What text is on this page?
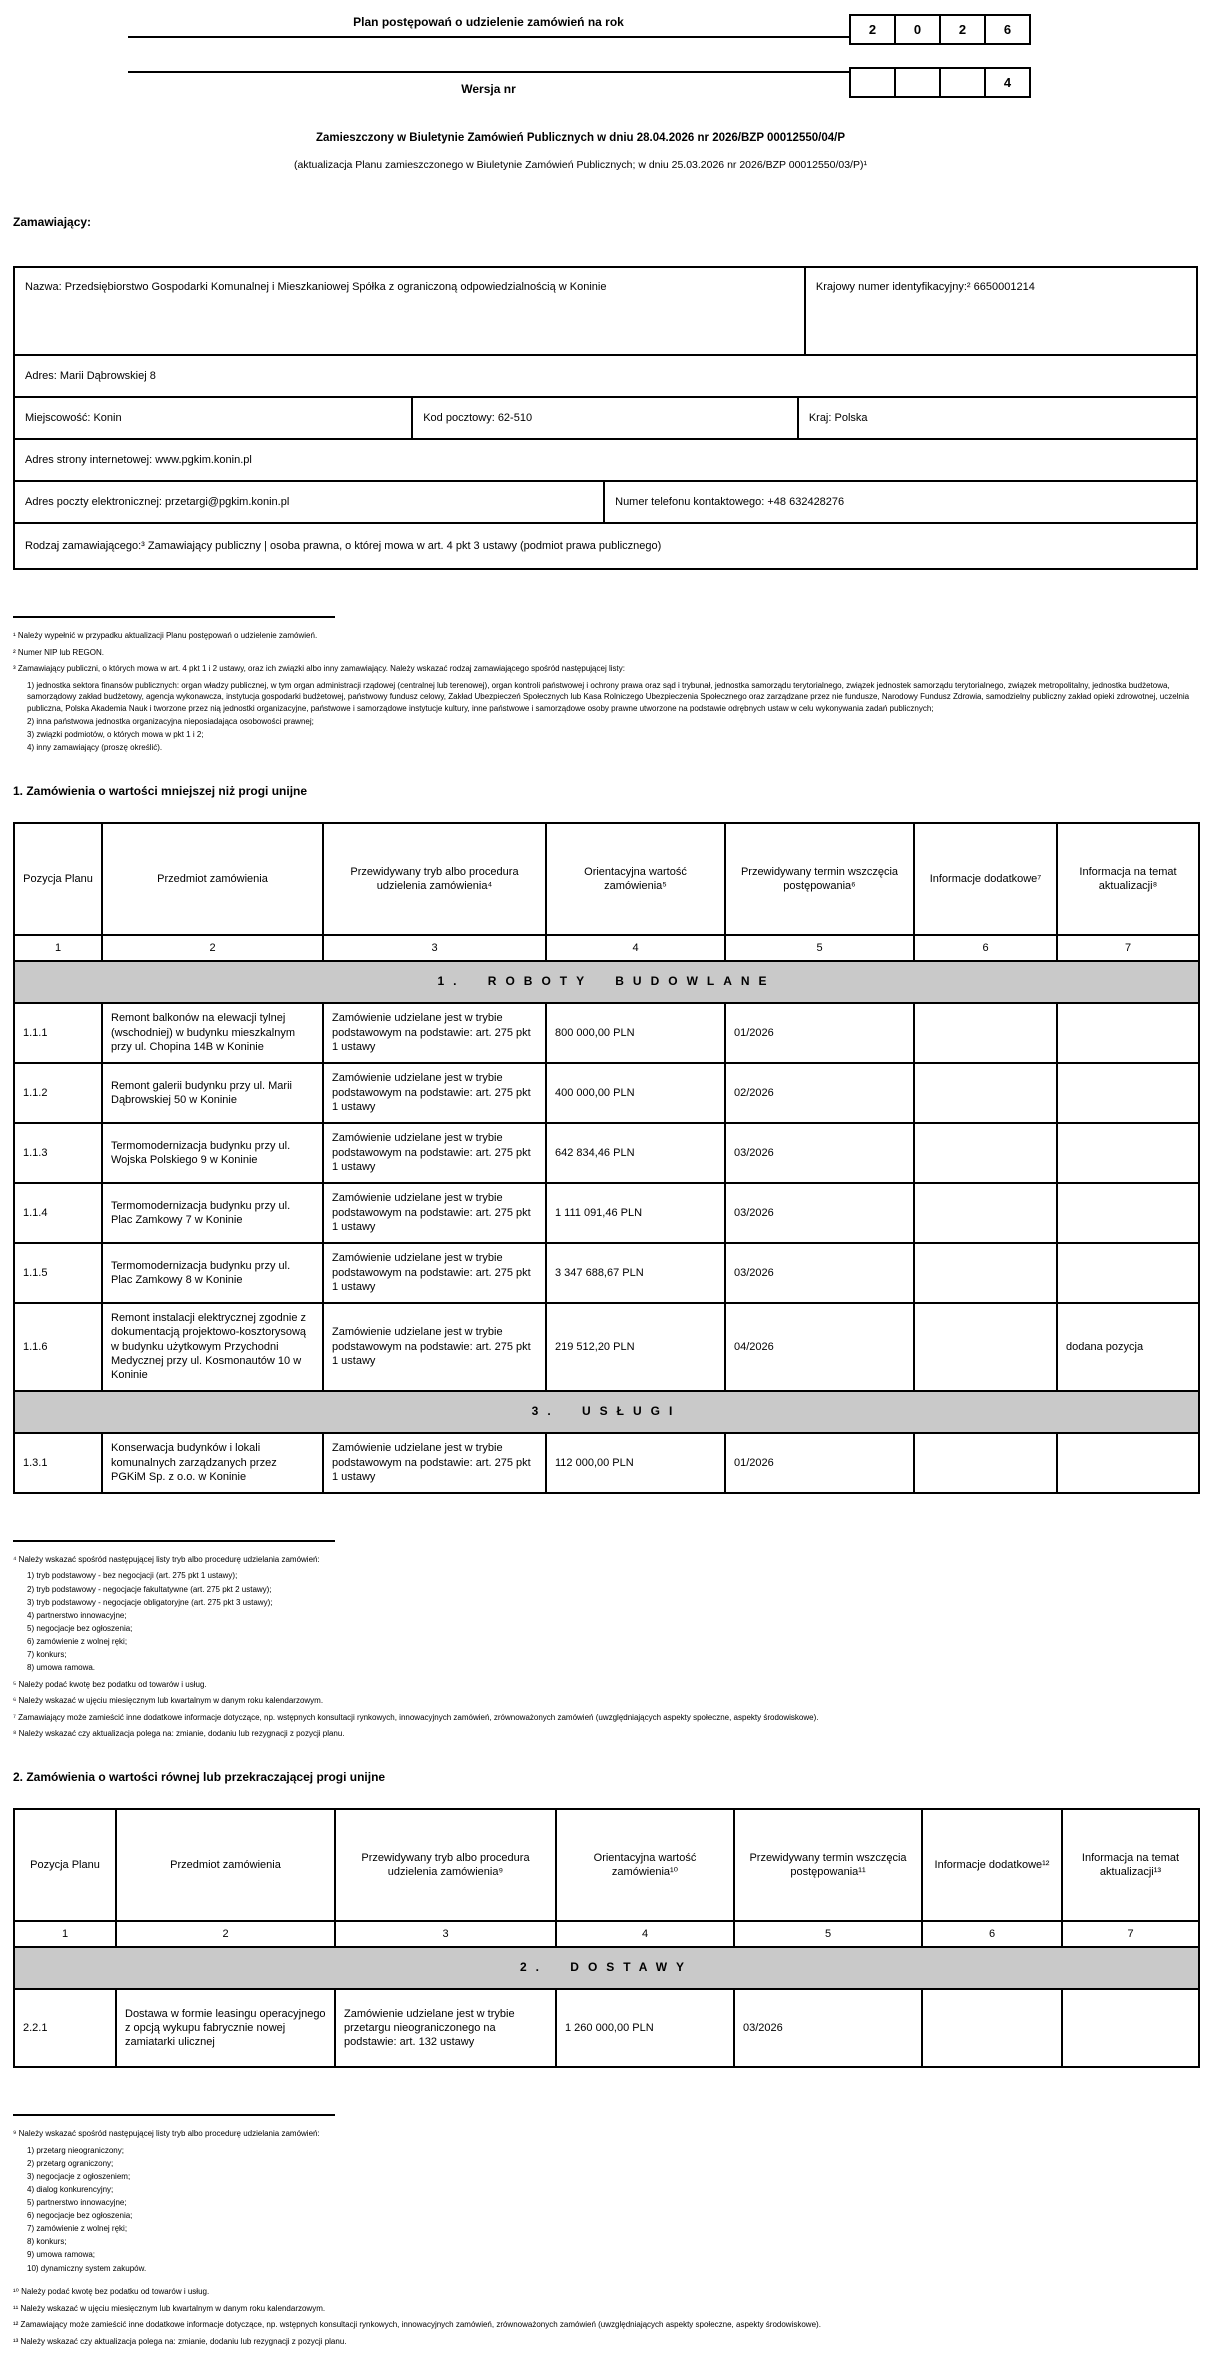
Plan postępowań o udzielenie zamówień na rok	2	0	2	6
Wersja nr	4
Zamieszczony w Biuletynie Zamówień Publicznych w dniu 28.04.2026 nr 2026/BZP 00012550/04/P
(aktualizacja Planu zamieszczonego w Biuletynie Zamówień Publicznych; w dniu 25.03.2026 nr 2026/BZP 00012550/03/P)¹
Zamawiający:
Nazwa: Przedsiębiorstwo Gospodarki Komunalnej i Mieszkaniowej Spółka z ograniczoną odpowiedzialnością w Koninie	Krajowy numer identyfikacyjny:² 6650001214
Adres: Marii Dąbrowskiej 8
Miejscowość: Konin	Kod pocztowy: 62-510	Kraj: Polska
Adres strony internetowej: www.pgkim.konin.pl
Adres poczty elektronicznej: przetargi@pgkim.konin.pl	Numer telefonu kontaktowego: +48 632428276
Rodzaj zamawiającego:³ Zamawiający publiczny | osoba prawna, o której mowa w art. 4 pkt 3 ustawy (podmiot prawa publicznego)
¹ Należy wypełnić w przypadku aktualizacji Planu postępowań o udzielenie zamówień.
² Numer NIP lub REGON.
³ Zamawiający publiczni, o których mowa w art. 4 pkt 1 i 2 ustawy, oraz ich związki albo inny zamawiający. Należy wskazać rodzaj zamawiającego spośród następującej listy:
1) jednostka sektora finansów publicznych: organ władzy publicznej, w tym organ administracji rządowej (centralnej lub terenowej), organ kontroli państwowej i ochrony prawa oraz sąd i trybunał, jednostka samorządu terytorialnego, związek jednostek samorządu terytorialnego, związek metropolitalny, jednostka budżetowa, samorządowy zakład budżetowy, agencja wykonawcza, instytucja gospodarki budżetowej, państwowy fundusz celowy, Zakład Ubezpieczeń Społecznych lub Kasa Rolniczego Ubezpieczenia Społecznego oraz zarządzane przez nie fundusze, Narodowy Fundusz Zdrowia, samodzielny publiczny zakład opieki zdrowotnej, uczelnia publiczna, Polska Akademia Nauk i tworzone przez nią jednostki organizacyjne, państwowe i samorządowe instytucje kultury, inne państwowe i samorządowe osoby prawne utworzone na podstawie odrębnych ustaw w celu wykonywania zadań publicznych;
2) inna państwowa jednostka organizacyjna nieposiadająca osobowości prawnej;
3) związki podmiotów, o których mowa w pkt 1 i 2;
4) inny zamawiający (proszę określić).
1. Zamówienia o wartości mniejszej niż progi unijne
Pozycja Planu	Przedmiot zamówienia	Przewidywany tryb albo procedura udzielenia zamówienia⁴	Orientacyjna wartość zamówienia⁵	Przewidywany termin wszczęcia postępowania⁶	Informacje dodatkowe⁷	Informacja na temat aktualizacji⁸
1	2	3	4	5	6	7
1. ROBOTY BUDOWLANE						
1.1.1	Remont balkonów na elewacji tylnej (wschodniej) w budynku mieszkalnym przy ul. Chopina 14B w Koninie	Zamówienie udzielane jest w trybie podstawowym na podstawie: art. 275 pkt 1 ustawy	800 000,00 PLN	01/2026		
1.1.2	Remont galerii budynku przy ul. Marii Dąbrowskiej 50 w Koninie	Zamówienie udzielane jest w trybie podstawowym na podstawie: art. 275 pkt 1 ustawy	400 000,00 PLN	02/2026		
1.1.3	Termomodernizacja budynku przy ul. Wojska Polskiego 9 w Koninie	Zamówienie udzielane jest w trybie podstawowym na podstawie: art. 275 pkt 1 ustawy	642 834,46 PLN	03/2026		
1.1.4	Termomodernizacja budynku przy ul. Plac Zamkowy 7 w Koninie	Zamówienie udzielane jest w trybie podstawowym na podstawie: art. 275 pkt 1 ustawy	1 111 091,46 PLN	03/2026		
1.1.5	Termomodernizacja budynku przy ul. Plac Zamkowy 8 w Koninie	Zamówienie udzielane jest w trybie podstawowym na podstawie: art. 275 pkt 1 ustawy	3 347 688,67 PLN	03/2026		
1.1.6	Remont instalacji elektrycznej zgodnie z dokumentacją projektowo-kosztorysową w budynku użytkowym Przychodni Medycznej przy ul. Kosmonautów 10 w Koninie	Zamówienie udzielane jest w trybie podstawowym na podstawie: art. 275 pkt 1 ustawy	219 512,20 PLN	04/2026		dodana pozycja
3. USŁUGI						
1.3.1	Konserwacja budynków i lokali komunalnych zarządzanych przez PGKiM Sp. z o.o. w Koninie	Zamówienie udzielane jest w trybie podstawowym na podstawie: art. 275 pkt 1 ustawy	112 000,00 PLN	01/2026		
⁴ Należy wskazać spośród następującej listy tryb albo procedurę udzielania zamówień:
1) tryb podstawowy - bez negocjacji (art. 275 pkt 1 ustawy);
2) tryb podstawowy - negocjacje fakultatywne (art. 275 pkt 2 ustawy);
3) tryb podstawowy - negocjacje obligatoryjne (art. 275 pkt 3 ustawy);
4) partnerstwo innowacyjne;
5) negocjacje bez ogłoszenia;
6) zamówienie z wolnej ręki;
7) konkurs;
8) umowa ramowa.
⁵ Należy podać kwotę bez podatku od towarów i usług.
⁶ Należy wskazać w ujęciu miesięcznym lub kwartalnym w danym roku kalendarzowym.
⁷ Zamawiający może zamieścić inne dodatkowe informacje dotyczące, np. wstępnych konsultacji rynkowych, innowacyjnych zamówień, zrównoważonych zamówień (uwzględniających aspekty społeczne, aspekty środowiskowe).
⁸ Należy wskazać czy aktualizacja polega na: zmianie, dodaniu lub rezygnacji z pozycji planu.
2. Zamówienia o wartości równej lub przekraczającej progi unijne
Pozycja Planu	Przedmiot zamówienia	Przewidywany tryb albo procedura udzielenia zamówienia⁹	Orientacyjna wartość zamówienia¹⁰	Przewidywany termin wszczęcia postępowania¹¹	Informacje dodatkowe¹²	Informacja na temat aktualizacji¹³
1	2	3	4	5	6	7
2. DOSTAWY						
2.2.1	Dostawa w formie leasingu operacyjnego z opcją wykupu fabrycznie nowej zamiatarki ulicznej	Zamówienie udzielane jest w trybie przetargu nieograniczonego na podstawie: art. 132 ustawy	1 260 000,00 PLN	03/2026		
⁹ Należy wskazać spośród następującej listy tryb albo procedurę udzielania zamówień:
1) przetarg nieograniczony;
2) przetarg ograniczony;
3) negocjacje z ogłoszeniem;
4) dialog konkurencyjny;
5) partnerstwo innowacyjne;
6) negocjacje bez ogłoszenia;
7) zamówienie z wolnej ręki;
8) konkurs;
9) umowa ramowa;
10) dynamiczny system zakupów.
¹⁰ Należy podać kwotę bez podatku od towarów i usług.
¹¹ Należy wskazać w ujęciu miesięcznym lub kwartalnym w danym roku kalendarzowym.
¹² Zamawiający może zamieścić inne dodatkowe informacje dotyczące, np. wstępnych konsultacji rynkowych, innowacyjnych zamówień, zrównoważonych zamówień (uwzględniających aspekty społeczne, aspekty środowiskowe).
¹³ Należy wskazać czy aktualizacja polega na: zmianie, dodaniu lub rezygnacji z pozycji planu.
